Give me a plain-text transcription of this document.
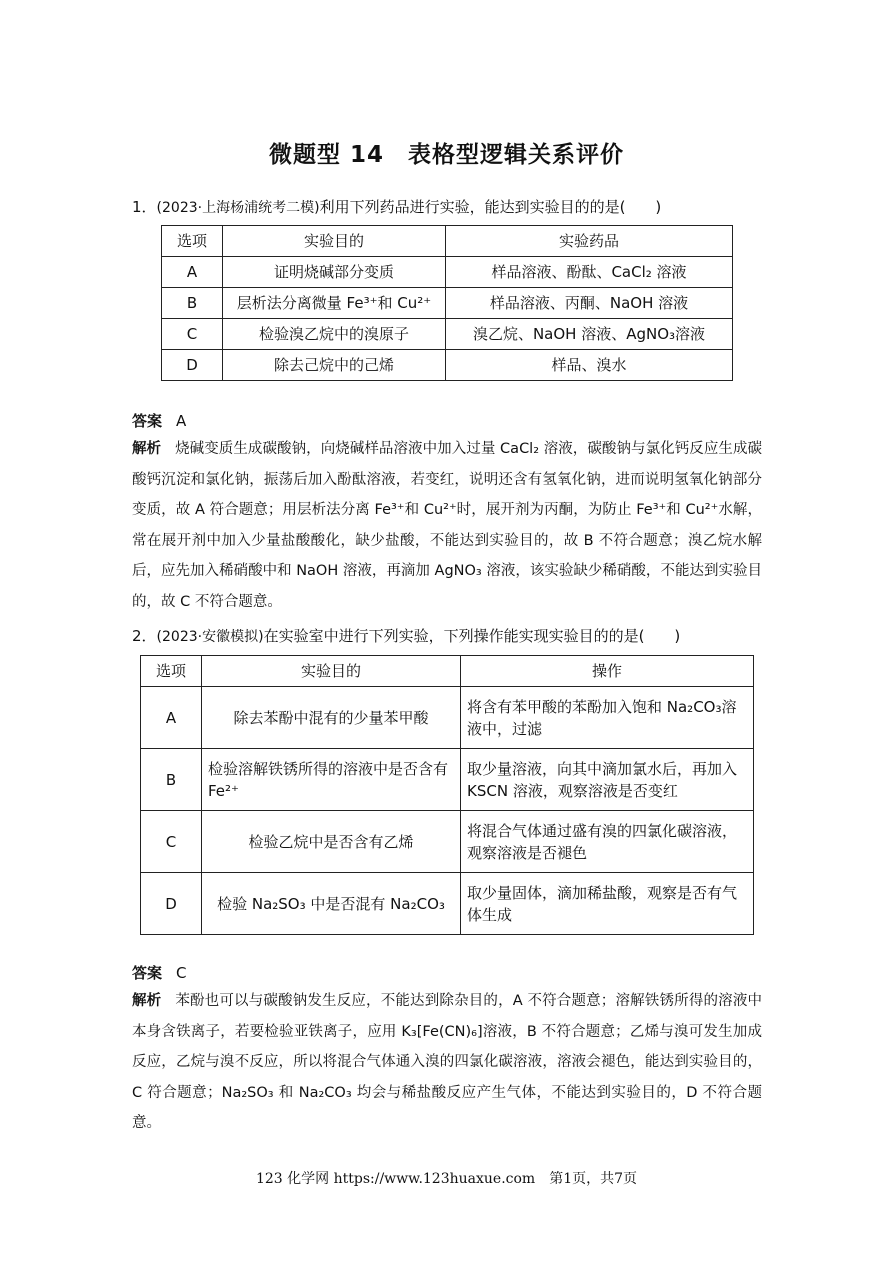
微题型 14　表格型逻辑关系评价
1．(2023·上海杨浦统考二模)利用下列药品进行实验，能达到实验目的的是(　　)
选项	实验目的	实验药品
A	证明烧碱部分变质	样品溶液、酚酞、CaCl₂ 溶液
B	层析法分离微量 Fe³⁺和 Cu²⁺	样品溶液、丙酮、NaOH 溶液
C	检验溴乙烷中的溴原子	溴乙烷、NaOH 溶液、AgNO₃溶液
D	除去己烷中的己烯	样品、溴水
答案 A
解析 烧碱变质生成碳酸钠，向烧碱样品溶液中加入过量 CaCl₂ 溶液，碳酸钠与氯化钙反应生成碳酸钙沉淀和氯化钠，振荡后加入酚酞溶液，若变红，说明还含有氢氧化钠，进而说明氢氧化钠部分变质，故 A 符合题意；用层析法分离 Fe³⁺和 Cu²⁺时，展开剂为丙酮，为防止 Fe³⁺和 Cu²⁺水解，常在展开剂中加入少量盐酸酸化，缺少盐酸，不能达到实验目的，故 B 不符合题意；溴乙烷水解后，应先加入稀硝酸中和 NaOH 溶液，再滴加 AgNO₃ 溶液，该实验缺少稀硝酸，不能达到实验目的，故 C 不符合题意。
2．(2023·安徽模拟)在实验室中进行下列实验，下列操作能实现实验目的的是(　　)
选项	实验目的	操作
A	除去苯酚中混有的少量苯甲酸	将含有苯甲酸的苯酚加入饱和 Na₂CO₃溶液中，过滤
B	检验溶解铁锈所得的溶液中是否含有 Fe²⁺	取少量溶液，向其中滴加氯水后，再加入 KSCN 溶液，观察溶液是否变红
C	检验乙烷中是否含有乙烯	将混合气体通过盛有溴的四氯化碳溶液，观察溶液是否褪色
D	检验 Na₂SO₃ 中是否混有 Na₂CO₃	取少量固体，滴加稀盐酸，观察是否有气体生成
答案 C
解析 苯酚也可以与碳酸钠发生反应，不能达到除杂目的，A 不符合题意；溶解铁锈所得的溶液中本身含铁离子，若要检验亚铁离子，应用 K₃[Fe(CN)₆]溶液，B 不符合题意；乙烯与溴可发生加成反应，乙烷与溴不反应，所以将混合气体通入溴的四氯化碳溶液，溶液会褪色，能达到实验目的，C 符合题意；Na₂SO₃ 和 Na₂CO₃ 均会与稀盐酸反应产生气体，不能达到实验目的，D 不符合题意。
123 化学网 https://www.123huaxue.com　第1页，共7页
